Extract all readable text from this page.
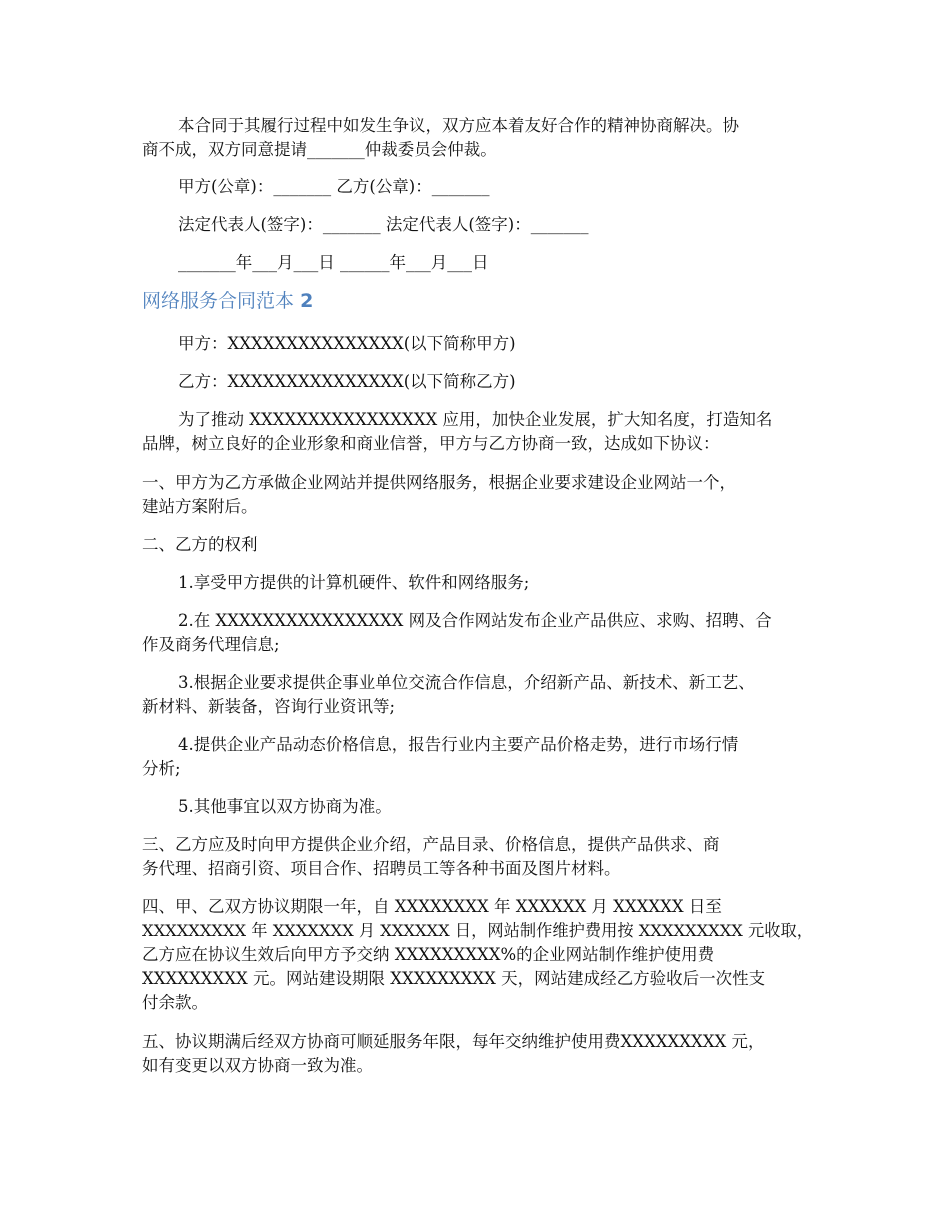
本合同于其履行过程中如发生争议，双方应本着友好合作的精神协商解决。协
商不成，双方同意提请_______仲裁委员会仲裁。
甲方(公章)：_______ 乙方(公章)：_______
法定代表人(签字)：_______ 法定代表人(签字)：_______
_______年___月___日 ______年___月___日
网络服务合同范本 2
甲方：XXXXXXXXXXXXXXX(以下简称甲方)
乙方：XXXXXXXXXXXXXXX(以下简称乙方)
为了推动 XXXXXXXXXXXXXXXX 应用，加快企业发展，扩大知名度，打造知名
品牌，树立良好的企业形象和商业信誉，甲方与乙方协商一致，达成如下协议：
一、甲方为乙方承做企业网站并提供网络服务，根据企业要求建设企业网站一个，
建站方案附后。
二、乙方的权利
1.享受甲方提供的计算机硬件、软件和网络服务;
2.在 XXXXXXXXXXXXXXXX 网及合作网站发布企业产品供应、求购、招聘、合
作及商务代理信息;
3.根据企业要求提供企事业单位交流合作信息，介绍新产品、新技术、新工艺、
新材料、新装备，咨询行业资讯等;
4.提供企业产品动态价格信息，报告行业内主要产品价格走势，进行市场行情
分析;
5.其他事宜以双方协商为准。
三、乙方应及时向甲方提供企业介绍，产品目录、价格信息，提供产品供求、商
务代理、招商引资、项目合作、招聘员工等各种书面及图片材料。
四、甲、乙双方协议期限一年，自 XXXXXXXX 年 XXXXXX 月 XXXXXX 日至
XXXXXXXXX 年 XXXXXXX 月 XXXXXX 日，网站制作维护费用按 XXXXXXXXX 元收取，
乙方应在协议生效后向甲方予交纳 XXXXXXXXX%的企业网站制作维护使用费
XXXXXXXXX 元。网站建设期限 XXXXXXXXX 天，网站建成经乙方验收后一次性支
付余款。
五、协议期满后经双方协商可顺延服务年限，每年交纳维护使用费XXXXXXXXX 元，
如有变更以双方协商一致为准。
